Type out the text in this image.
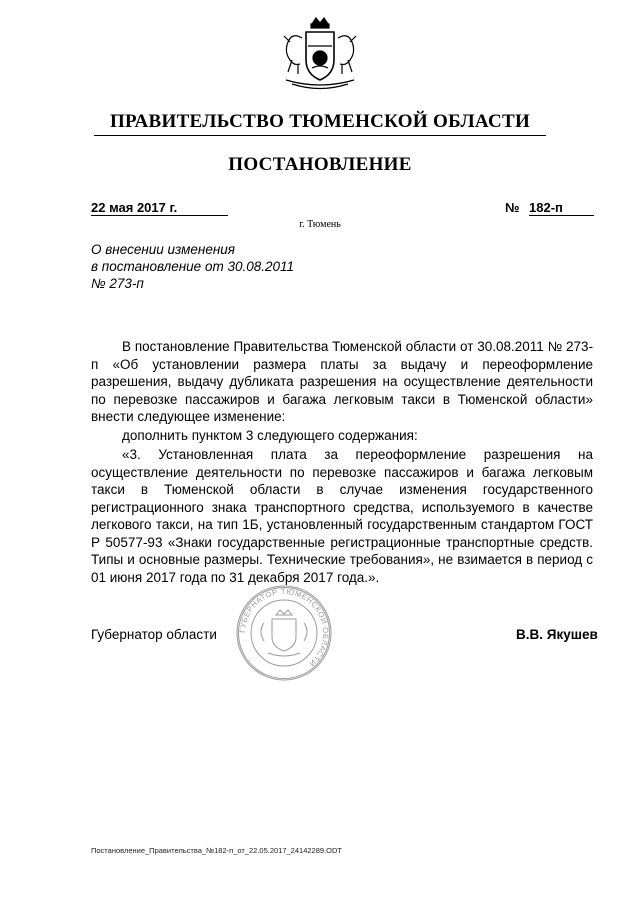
ПРАВИТЕЛЬСТВО ТЮМЕНСКОЙ ОБЛАСТИ
ПОСТАНОВЛЕНИЕ
22 мая 2017 г.	№ 182-п
г. Тюмень
О внесении изменения
в постановление от 30.08.2011
№ 273-п
В постановление Правительства Тюменской области от 30.08.2011 № 273-п «Об установлении размера платы за выдачу и переоформление разрешения, выдачу дубликата разрешения на осуществление деятельности по перевозке пассажиров и багажа легковым такси в Тюменской области» внести следующее изменение:
дополнить пунктом 3 следующего содержания:
«3. Установленная плата за переоформление разрешения на осуществление деятельности по перевозке пассажиров и багажа легковым такси в Тюменской области в случае изменения государственного регистрационного знака транспортного средства, используемого в качестве легкового такси, на тип 1Б, установленный государственным стандартом ГОСТ Р 50577-93 «Знаки государственные регистрационные транспортные средств. Типы и основные размеры. Технические требования», не взимается в период с 01 июня 2017 года по 31 декабря 2017 года.».
ГУБЕРНАТОР ТЮМЕНСКОЙ ОБЛАСТИ
Губернатор области	В.В. Якушев
Постановление_Правительства_№182-п_от_22.05.2017_24142289.ODT
